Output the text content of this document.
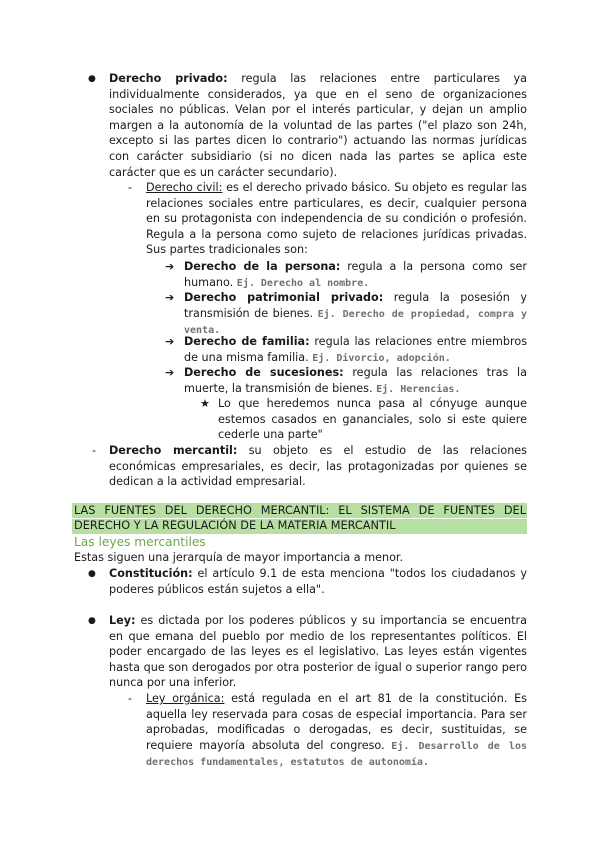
● Derecho privado: regula las relaciones entre particulares ya individualmente considerados, ya que en el seno de organizaciones sociales no públicas. Velan por el interés particular, y dejan un amplio margen a la autonomía de la voluntad de las partes ("el plazo son 24h, excepto si las partes dicen lo contrario") actuando las normas jurídicas con carácter subsidiario (si no dicen nada las partes se aplica este carácter que es un carácter secundario).
- Derecho civil: es el derecho privado básico. Su objeto es regular las relaciones sociales entre particulares, es decir, cualquier persona en su protagonista con independencia de su condición o profesión. Regula a la persona como sujeto de relaciones jurídicas privadas. Sus partes tradicionales son:
➔ Derecho de la persona: regula a la persona como ser humano. Ej. Derecho al nombre.
➔ Derecho patrimonial privado: regula la posesión y transmisión de bienes. Ej. Derecho de propiedad, compra y venta.
➔ Derecho de familia: regula las relaciones entre miembros de una misma familia. Ej. Divorcio, adopción.
➔ Derecho de sucesiones: regula las relaciones tras la muerte, la transmisión de bienes. Ej. Herencias.
★ Lo que heredemos nunca pasa al cónyuge aunque estemos casados en gananciales, solo si este quiere cederle una parte"
- Derecho mercantil: su objeto es el estudio de las relaciones económicas empresariales, es decir, las protagonizadas por quienes se dedican a la actividad empresarial.
LAS FUENTES DEL DERECHO MERCANTIL: EL SISTEMA DE FUENTES DEL DERECHO Y LA REGULACIÓN DE LA MATERIA MERCANTIL
Las leyes mercantiles
Estas siguen una jerarquía de mayor importancia a menor.
● Constitución: el artículo 9.1 de esta menciona "todos los ciudadanos y poderes públicos están sujetos a ella".
● Ley: es dictada por los poderes públicos y su importancia se encuentra en que emana del pueblo por medio de los representantes políticos. El poder encargado de las leyes es el legislativo. Las leyes están vigentes hasta que son derogados por otra posterior de igual o superior rango pero nunca por una inferior.
- Ley orgánica: está regulada en el art 81 de la constitución. Es aquella ley reservada para cosas de especial importancia. Para ser aprobadas, modificadas o derogadas, es decir, sustituidas, se requiere mayoría absoluta del congreso. Ej. Desarrollo de los derechos fundamentales, estatutos de autonomía.
